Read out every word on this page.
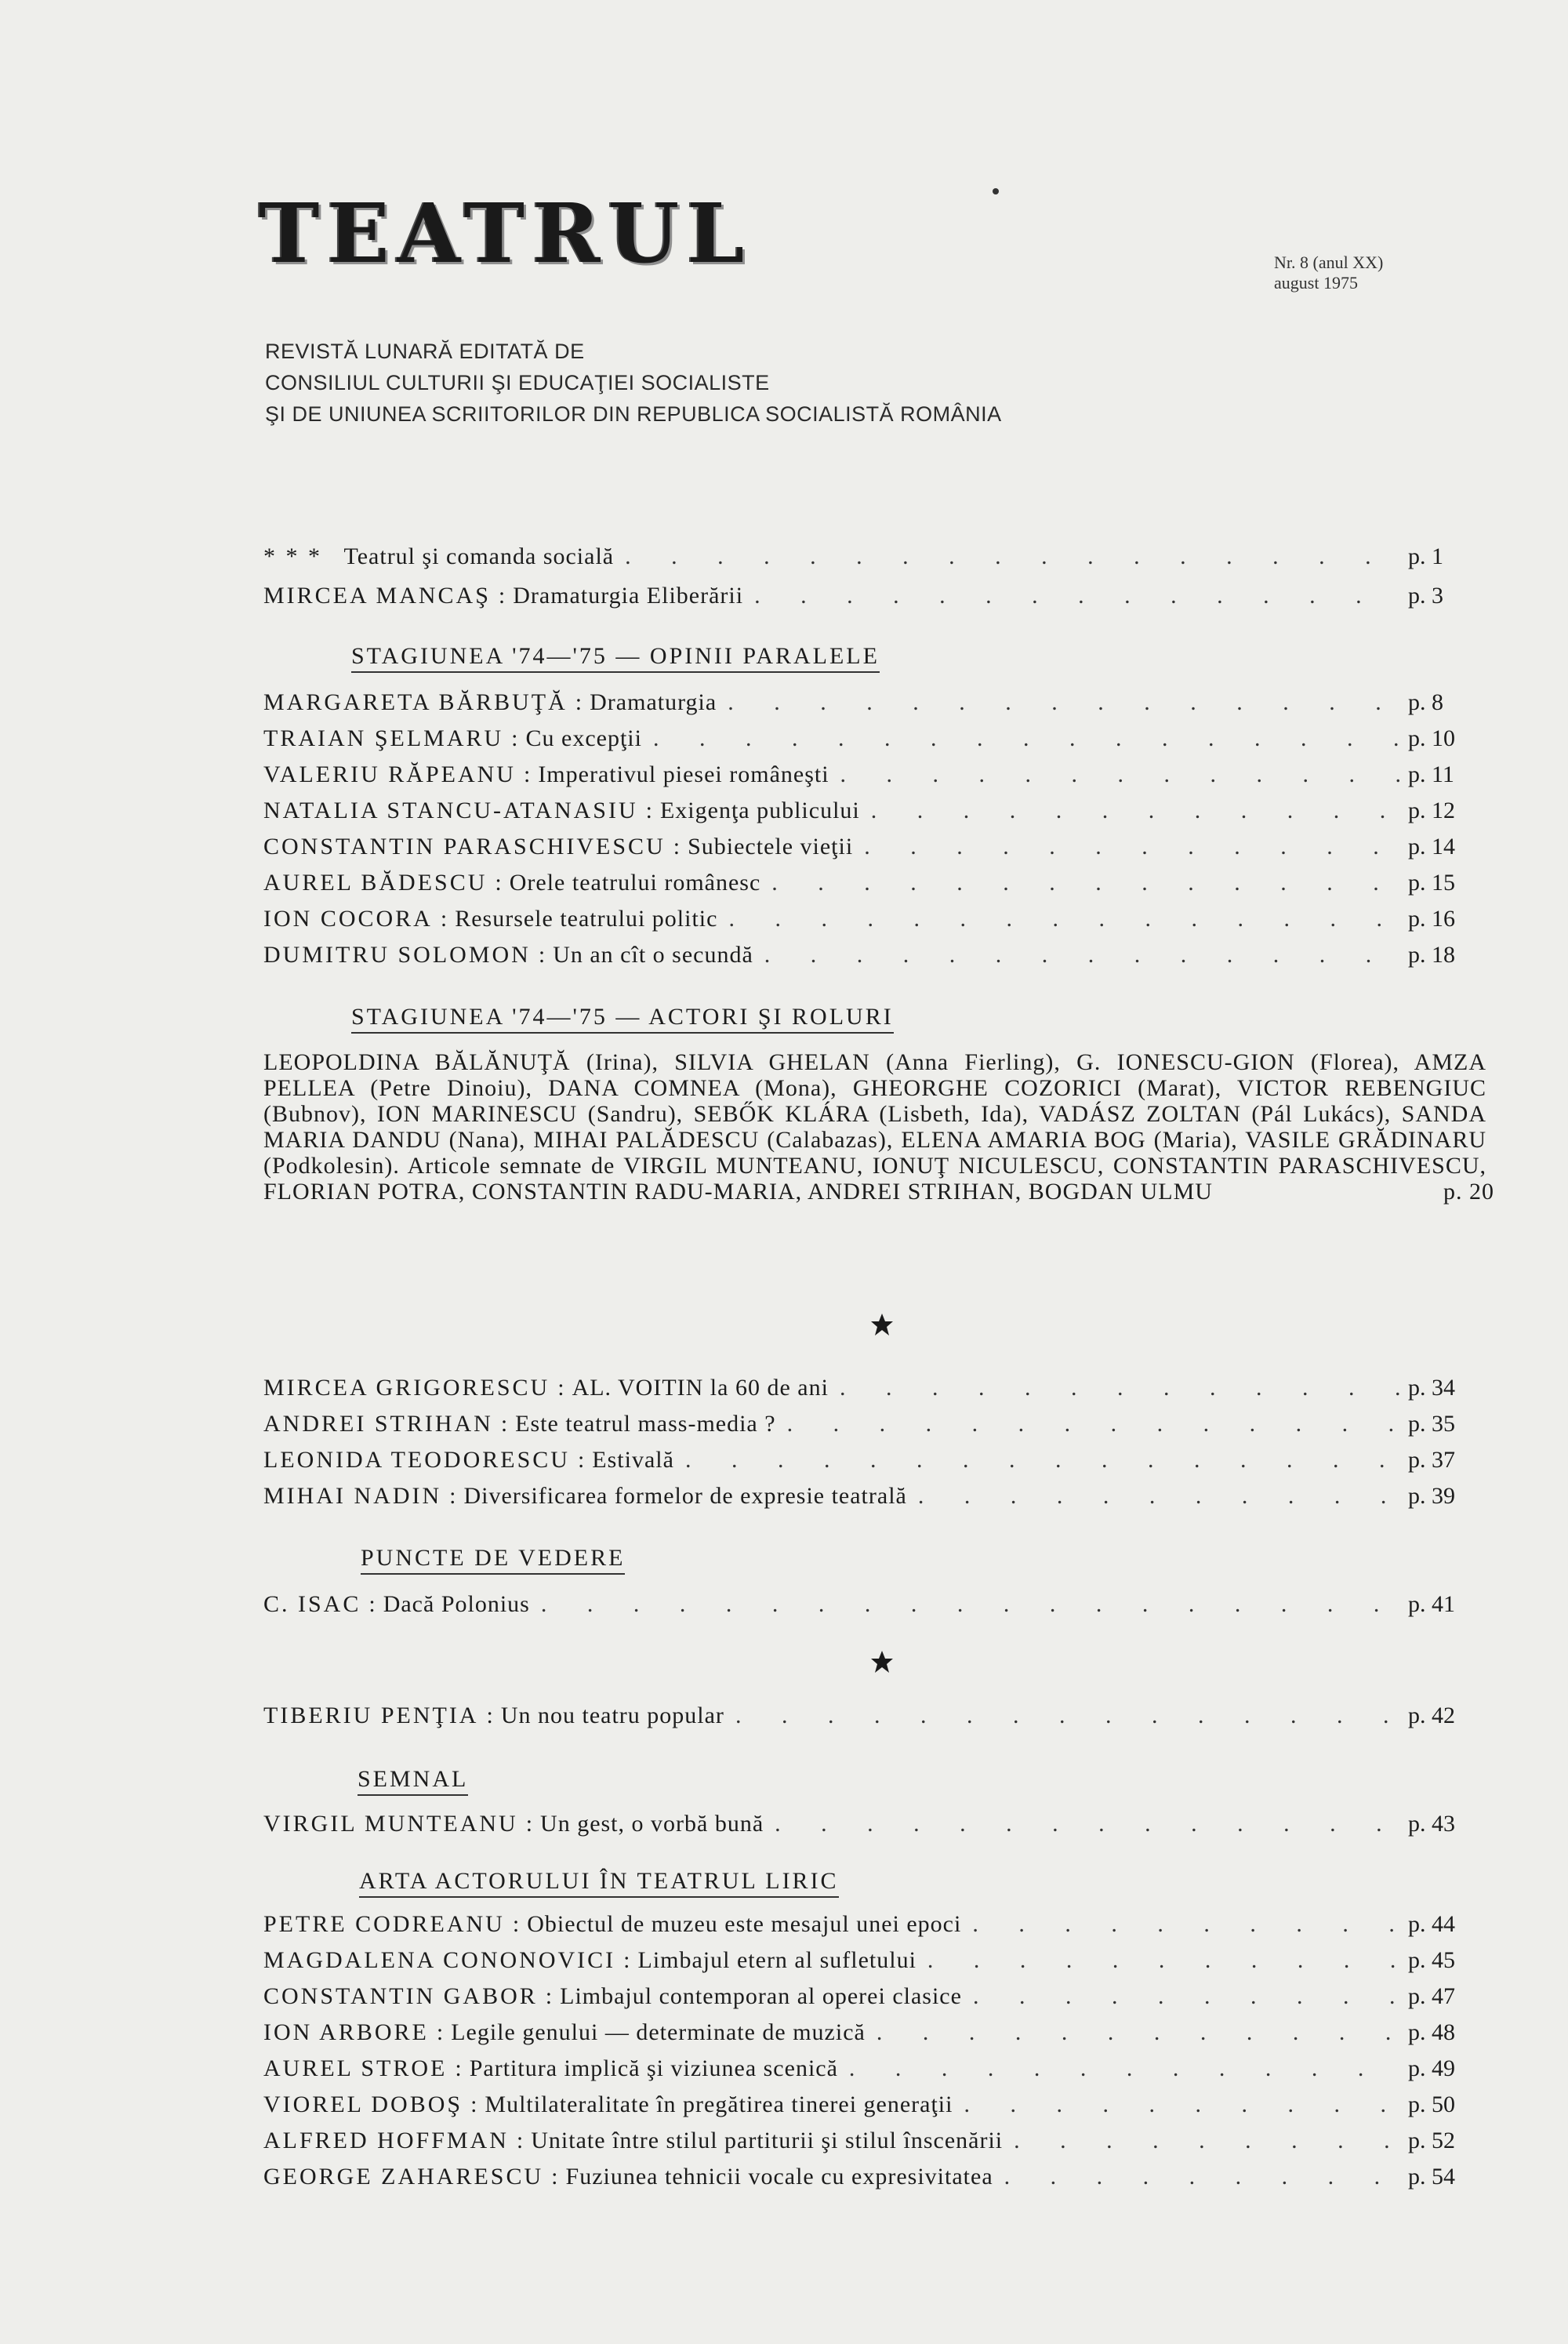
TEATRUL	Nr. 8 (anul XX)
august 1975
REVISTĂ LUNARĂ EDITATĂ DE
CONSILIUL CULTURII ŞI EDUCAŢIEI SOCIALISTE
ŞI DE UNIUNEA SCRIITORILOR DIN REPUBLICA SOCIALISTĂ ROMÂNIA
* * *
Teatrul şi comanda socială . . .	p. 1
MIRCEA MANCAŞ : Dramaturgia Eliberării . . .	p. 3
STAGIUNEA '74—'75 — OPINII PARALELE
MARGARETA BĂRBUŢĂ : Dramaturgia . . .	p. 8
TRAIAN ŞELMARU : Cu excepţii . . .	p. 10
VALERIU RĂPEANU : Imperativul piesei româneşti . . .	p. 11
NATALIA STANCU-ATANASIU : Exigenţa publicului . . .	p. 12
CONSTANTIN PARASCHIVESCU : Subiectele vieţii . . .	p. 14
AUREL BĂDESCU : Orele teatrului românesc . . .	p. 15
ION COCORA : Resursele teatrului politic . . .	p. 16
DUMITRU SOLOMON : Un an cît o secundă . . .	p. 18
STAGIUNEA '74—'75 — ACTORI ŞI ROLURI
LEOPOLDINA BĂLĂNUŢĂ (Irina), SILVIA GHELAN (Anna Fierling), G. IONESCU-GION (Florea), AMZA PELLEA (Petre Dinoiu), DANA COMNEA (Mona), GHEORGHE COZORICI (Marat), VICTOR REBENGIUC (Bubnov), ION MARINESCU (Sandru), SEBŐK KLÁRA (Lisbeth, Ida), VADÁSZ ZOLTAN (Pál Lukács), SANDA MARIA DANDU (Nana), MIHAI PALĂDESCU (Calabazas), ELENA AMARIA BOG (Maria), VASILE GRĂDINARU (Podkolesin). Articole semnate de VIRGIL MUNTEANU, IONUŢ NICULESCU, CONSTANTIN PARASCHIVESCU, FLORIAN POTRA, CONSTANTIN RADU-MARIA, ANDREI STRIHAN, BOGDAN ULMU	p. 20
MIRCEA GRIGORESCU : AL. VOITIN la 60 de ani . . .	p. 34
ANDREI STRIHAN : Este teatrul mass-media ? . . .	p. 35
LEONIDA TEODORESCU : Estivală . . .	p. 37
MIHAI NADIN : Diversificarea formelor de expresie teatrală . . .	p. 39
PUNCTE DE VEDERE
C. ISAC : Dacă Polonius . . .	p. 41
TIBERIU PENŢIA : Un nou teatru popular . . .	p. 42
SEMNAL
VIRGIL MUNTEANU : Un gest, o vorbă bună . . .	p. 43
ARTA ACTORULUI ÎN TEATRUL LIRIC
PETRE CODREANU : Obiectul de muzeu este mesajul unei epoci . . .	p. 44
MAGDALENA CONONOVICI : Limbajul etern al sufletului . . .	p. 45
CONSTANTIN GABOR : Limbajul contemporan al operei clasice . . .	p. 47
ION ARBORE : Legile genului — determinate de muzică . . .	p. 48
AUREL STROE : Partitura implică şi viziunea scenică . . .	p. 49
VIOREL DOBOŞ : Multilateralitate în pregătirea tinerei generaţii . . .	p. 50
ALFRED HOFFMAN : Unitate între stilul partiturii şi stilul înscenării . . .	p. 52
GEORGE ZAHARESCU : Fuziunea tehnicii vocale cu expresivitatea . . .	p. 54
